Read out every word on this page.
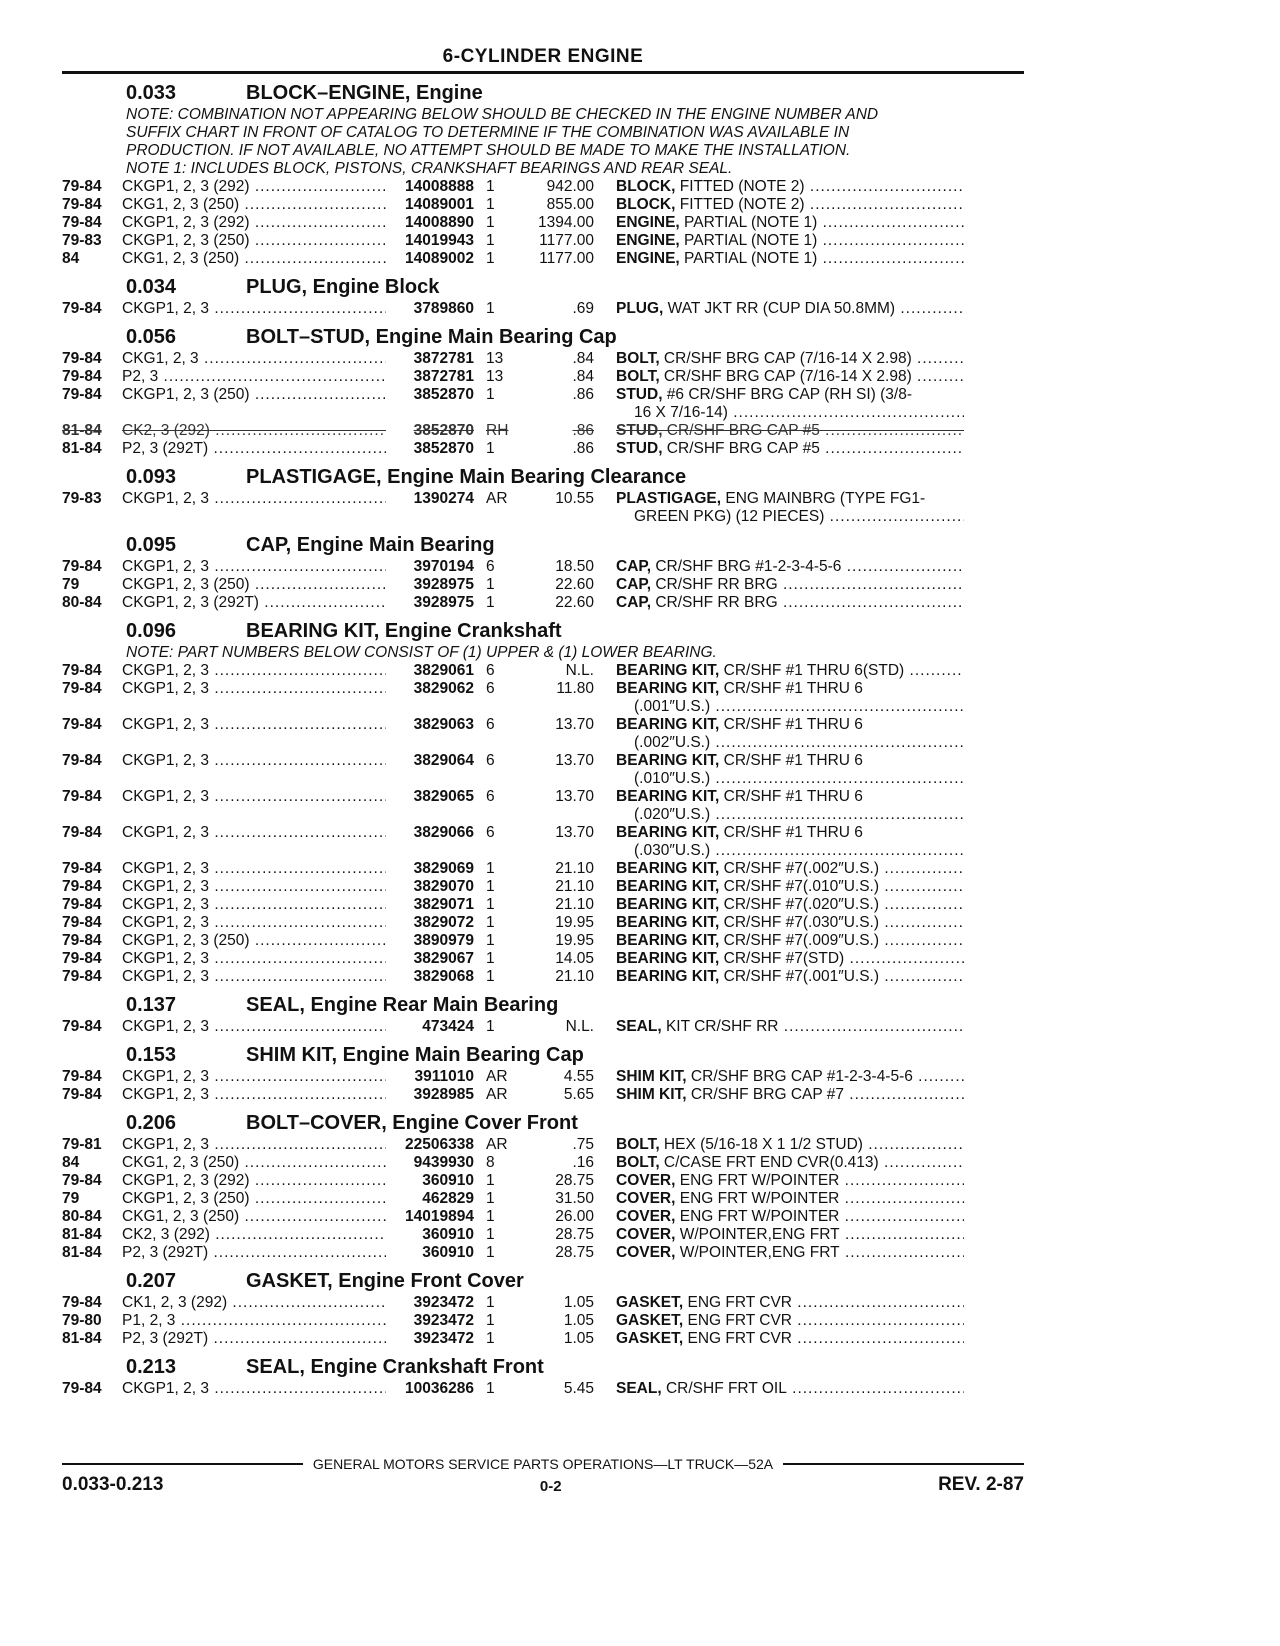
6-CYLINDER ENGINE
0.033	BLOCK–ENGINE, Engine
NOTE: COMBINATION NOT APPEARING BELOW SHOULD BE CHECKED IN THE ENGINE NUMBER AND
SUFFIX CHART IN FRONT OF CATALOG TO DETERMINE IF THE COMBINATION WAS AVAILABLE IN
PRODUCTION. IF NOT AVAILABLE, NO ATTEMPT SHOULD BE MADE TO MAKE THE INSTALLATION.
NOTE 1: INCLUDES BLOCK, PISTONS, CRANKSHAFT BEARINGS AND REAR SEAL.
79-84	CKGP1, 2, 3 (292) .....	14008888 1	942.00	BLOCK, FITTED (NOTE 2) .....
79-84	CKG1, 2, 3 (250) .....	14089001 1	855.00	BLOCK, FITTED (NOTE 2) .....
79-84	CKGP1, 2, 3 (292) .....	14008890 1	1394.00	ENGINE, PARTIAL (NOTE 1) .....
79-83	CKGP1, 2, 3 (250) .....	14019943 1	1177.00	ENGINE, PARTIAL (NOTE 1) .....
84	CKG1, 2, 3 (250) .....	14089002 1	1177.00	ENGINE, PARTIAL (NOTE 1) .....
0.034	PLUG, Engine Block
79-84	CKGP1, 2, 3 .....	3789860 1	.69	PLUG, WAT JKT RR (CUP DIA 50.8MM) .....
0.056	BOLT–STUD, Engine Main Bearing Cap
79-84	CKG1, 2, 3 .....	3872781 13	.84	BOLT, CR/SHF BRG CAP (7/16-14 X 2.98) .....
79-84	P2, 3 .....	3872781 13	.84	BOLT, CR/SHF BRG CAP (7/16-14 X 2.98) .....
79-84	CKGP1, 2, 3 (250) .....	3852870 1	.86	STUD, #6 CR/SHF BRG CAP (RH SI) (3/8-
16 X 7/16-14) .....
81-84	CK2, 3 (292) .....	3852870 RH	.86	STUD, CR/SHF BRG CAP #5 .....
81-84	P2, 3 (292T) .....	3852870 1	.86	STUD, CR/SHF BRG CAP #5 .....
0.093	PLASTIGAGE, Engine Main Bearing Clearance
79-83	CKGP1, 2, 3 .....	1390274 AR	10.55	PLASTIGAGE, ENG MAINBRG (TYPE FG1-
GREEN PKG) (12 PIECES) .....
0.095	CAP, Engine Main Bearing
79-84	CKGP1, 2, 3 .....	3970194 6	18.50	CAP, CR/SHF BRG #1-2-3-4-5-6 .....
79	CKGP1, 2, 3 (250) .....	3928975 1	22.60	CAP, CR/SHF RR BRG .....
80-84	CKGP1, 2, 3 (292T) .....	3928975 1	22.60	CAP, CR/SHF RR BRG .....
0.096	BEARING KIT, Engine Crankshaft
NOTE: PART NUMBERS BELOW CONSIST OF (1) UPPER & (1) LOWER BEARING.
79-84	CKGP1, 2, 3 .....	3829061 6	N.L.	BEARING KIT, CR/SHF #1 THRU 6(STD) .....
79-84	CKGP1, 2, 3 .....	3829062 6	11.80	BEARING KIT, CR/SHF #1 THRU 6
(.001″U.S.) .....
79-84	CKGP1, 2, 3 .....	3829063 6	13.70	BEARING KIT, CR/SHF #1 THRU 6
(.002″U.S.) .....
79-84	CKGP1, 2, 3 .....	3829064 6	13.70	BEARING KIT, CR/SHF #1 THRU 6
(.010″U.S.) .....
79-84	CKGP1, 2, 3 .....	3829065 6	13.70	BEARING KIT, CR/SHF #1 THRU 6
(.020″U.S.) .....
79-84	CKGP1, 2, 3 .....	3829066 6	13.70	BEARING KIT, CR/SHF #1 THRU 6
(.030″U.S.) .....
79-84	CKGP1, 2, 3 .....	3829069 1	21.10	BEARING KIT, CR/SHF #7(.002″U.S.) .....
79-84	CKGP1, 2, 3 .....	3829070 1	21.10	BEARING KIT, CR/SHF #7(.010″U.S.) .....
79-84	CKGP1, 2, 3 .....	3829071 1	21.10	BEARING KIT, CR/SHF #7(.020″U.S.) .....
79-84	CKGP1, 2, 3 .....	3829072 1	19.95	BEARING KIT, CR/SHF #7(.030″U.S.) .....
79-84	CKGP1, 2, 3 (250) .....	3890979 1	19.95	BEARING KIT, CR/SHF #7(.009″U.S.) .....
79-84	CKGP1, 2, 3 .....	3829067 1	14.05	BEARING KIT, CR/SHF #7(STD) .....
79-84	CKGP1, 2, 3 .....	3829068 1	21.10	BEARING KIT, CR/SHF #7(.001″U.S.) .....
0.137	SEAL, Engine Rear Main Bearing
79-84	CKGP1, 2, 3 .....	473424 1	N.L.	SEAL, KIT CR/SHF RR .....
0.153	SHIM KIT, Engine Main Bearing Cap
79-84	CKGP1, 2, 3 .....	3911010 AR	4.55	SHIM KIT, CR/SHF BRG CAP #1-2-3-4-5-6 .....
79-84	CKGP1, 2, 3 .....	3928985 AR	5.65	SHIM KIT, CR/SHF BRG CAP #7 .....
0.206	BOLT–COVER, Engine Cover Front
79-81	CKGP1, 2, 3 .....	22506338 AR	.75	BOLT, HEX (5/16-18 X 1 1/2 STUD) .....
84	CKG1, 2, 3 (250) .....	9439930 8	.16	BOLT, C/CASE FRT END CVR(0.413) .....
79-84	CKGP1, 2, 3 (292) .....	360910 1	28.75	COVER, ENG FRT W/POINTER .....
79	CKGP1, 2, 3 (250) .....	462829 1	31.50	COVER, ENG FRT W/POINTER .....
80-84	CKG1, 2, 3 (250) .....	14019894 1	26.00	COVER, ENG FRT W/POINTER .....
81-84	CK2, 3 (292) .....	360910 1	28.75	COVER, W/POINTER,ENG FRT .....
81-84	P2, 3 (292T) .....	360910 1	28.75	COVER, W/POINTER,ENG FRT .....
0.207	GASKET, Engine Front Cover
79-84	CK1, 2, 3 (292) .....	3923472 1	1.05	GASKET, ENG FRT CVR .....
79-80	P1, 2, 3 .....	3923472 1	1.05	GASKET, ENG FRT CVR .....
81-84	P2, 3 (292T) .....	3923472 1	1.05	GASKET, ENG FRT CVR .....
0.213	SEAL, Engine Crankshaft Front
79-84	CKGP1, 2, 3 .....	10036286 1	5.45	SEAL, CR/SHF FRT OIL .....
GENERAL MOTORS SERVICE PARTS OPERATIONS—LT TRUCK—52A
0.033-0.213	0-2	REV. 2-87
